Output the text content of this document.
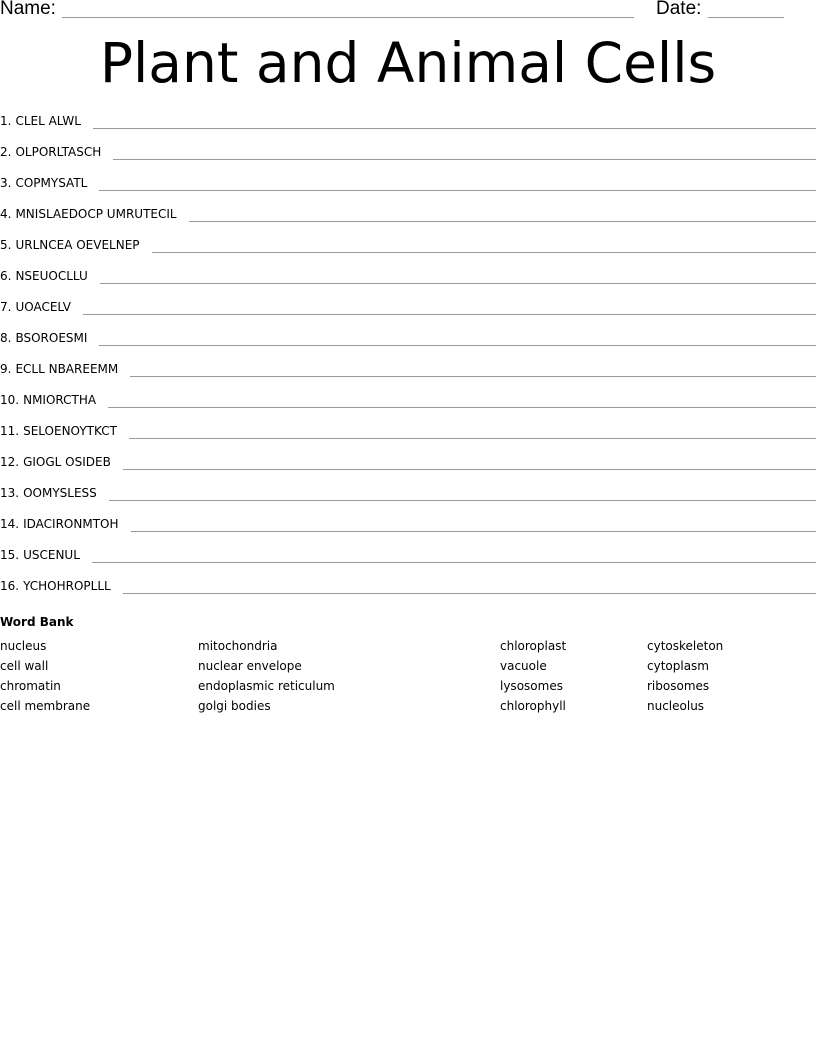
Name:	Date:
Plant and Animal Cells
1. CLEL ALWL
2. OLPORLTASCH
3. COPMYSATL
4. MNISLAEDOCP UMRUTECIL
5. URLNCEA OEVELNEP
6. NSEUOCLLU
7. UOACELV
8. BSOROESMI
9. ECLL NBAREEMM
10. NMIORCTHA
11. SELOENOYTKCT
12. GIOGL OSIDEB
13. OOMYSLESS
14. IDACIRONMTOH
15. USCENUL
16. YCHOHROPLLL
Word Bank
nucleus
cell wall
chromatin
cell membrane
mitochondria
nuclear envelope
endoplasmic reticulum
golgi bodies
chloroplast
vacuole
lysosomes
chlorophyll
cytoskeleton
cytoplasm
ribosomes
nucleolus
